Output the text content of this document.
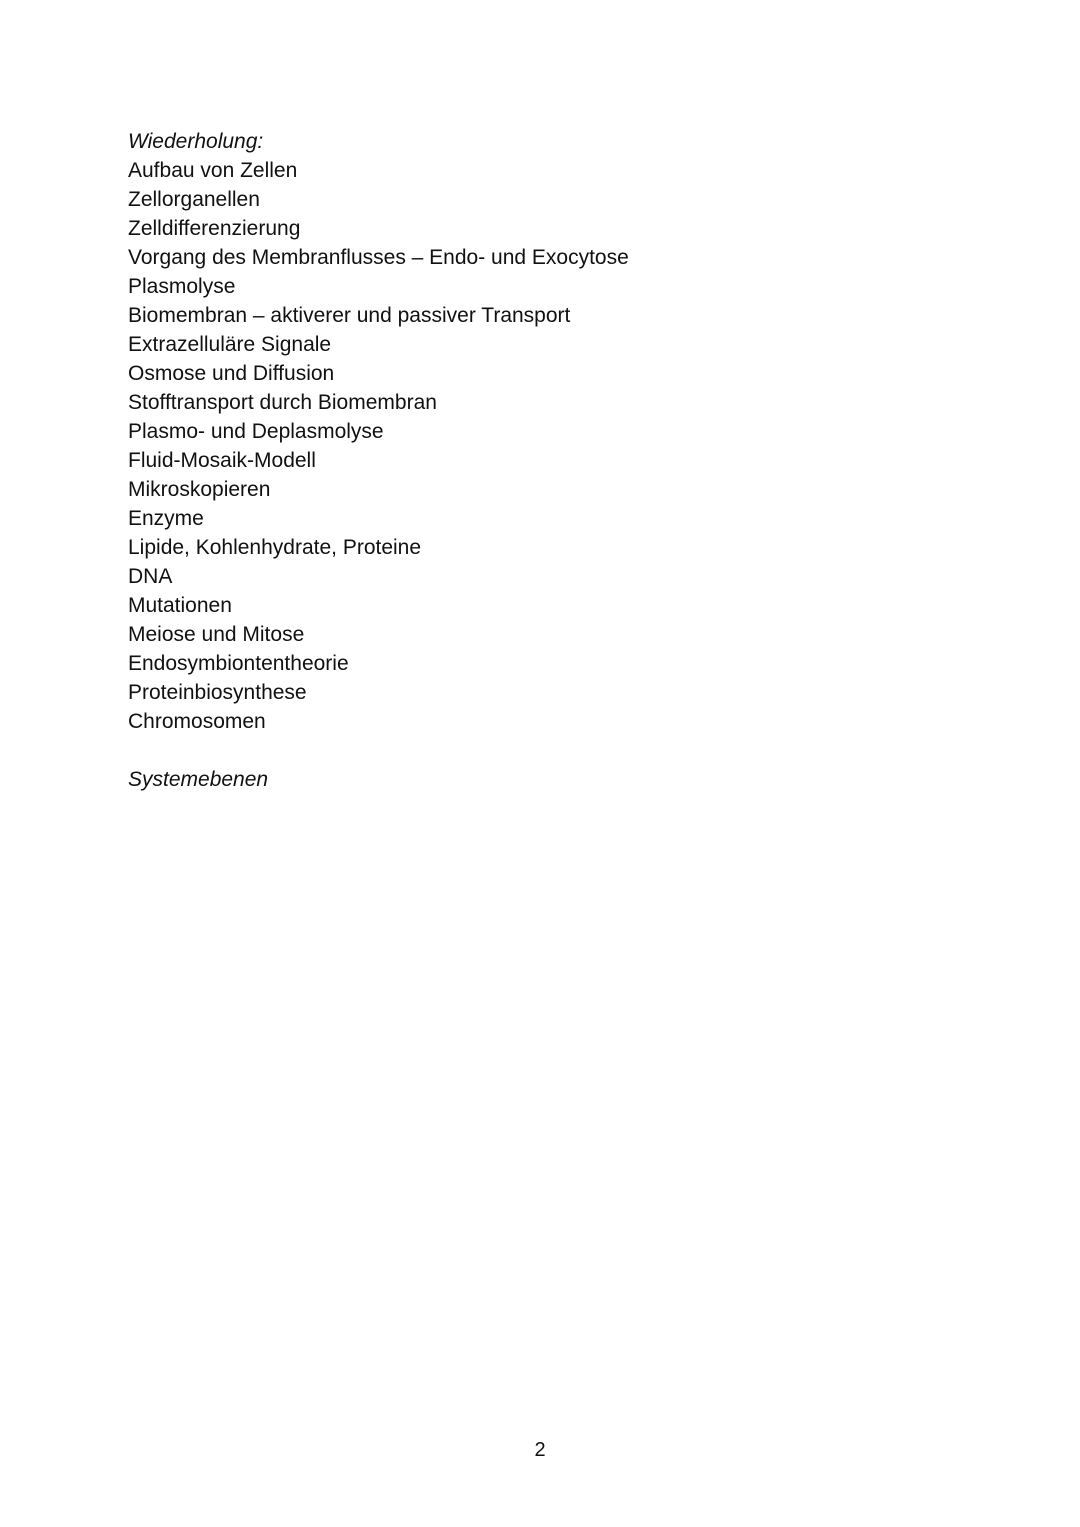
Wiederholung:
Aufbau von Zellen
Zellorganellen
Zelldifferenzierung
Vorgang des Membranflusses – Endo- und Exocytose
Plasmolyse
Biomembran – aktiverer und passiver Transport
Extrazelluläre Signale
Osmose und Diffusion
Stofftransport durch Biomembran
Plasmo- und Deplasmolyse
Fluid-Mosaik-Modell
Mikroskopieren
Enzyme
Lipide, Kohlenhydrate, Proteine
DNA
Mutationen
Meiose und Mitose
Endosymbiontentheorie
Proteinbiosynthese
Chromosomen
Systemebenen
2
